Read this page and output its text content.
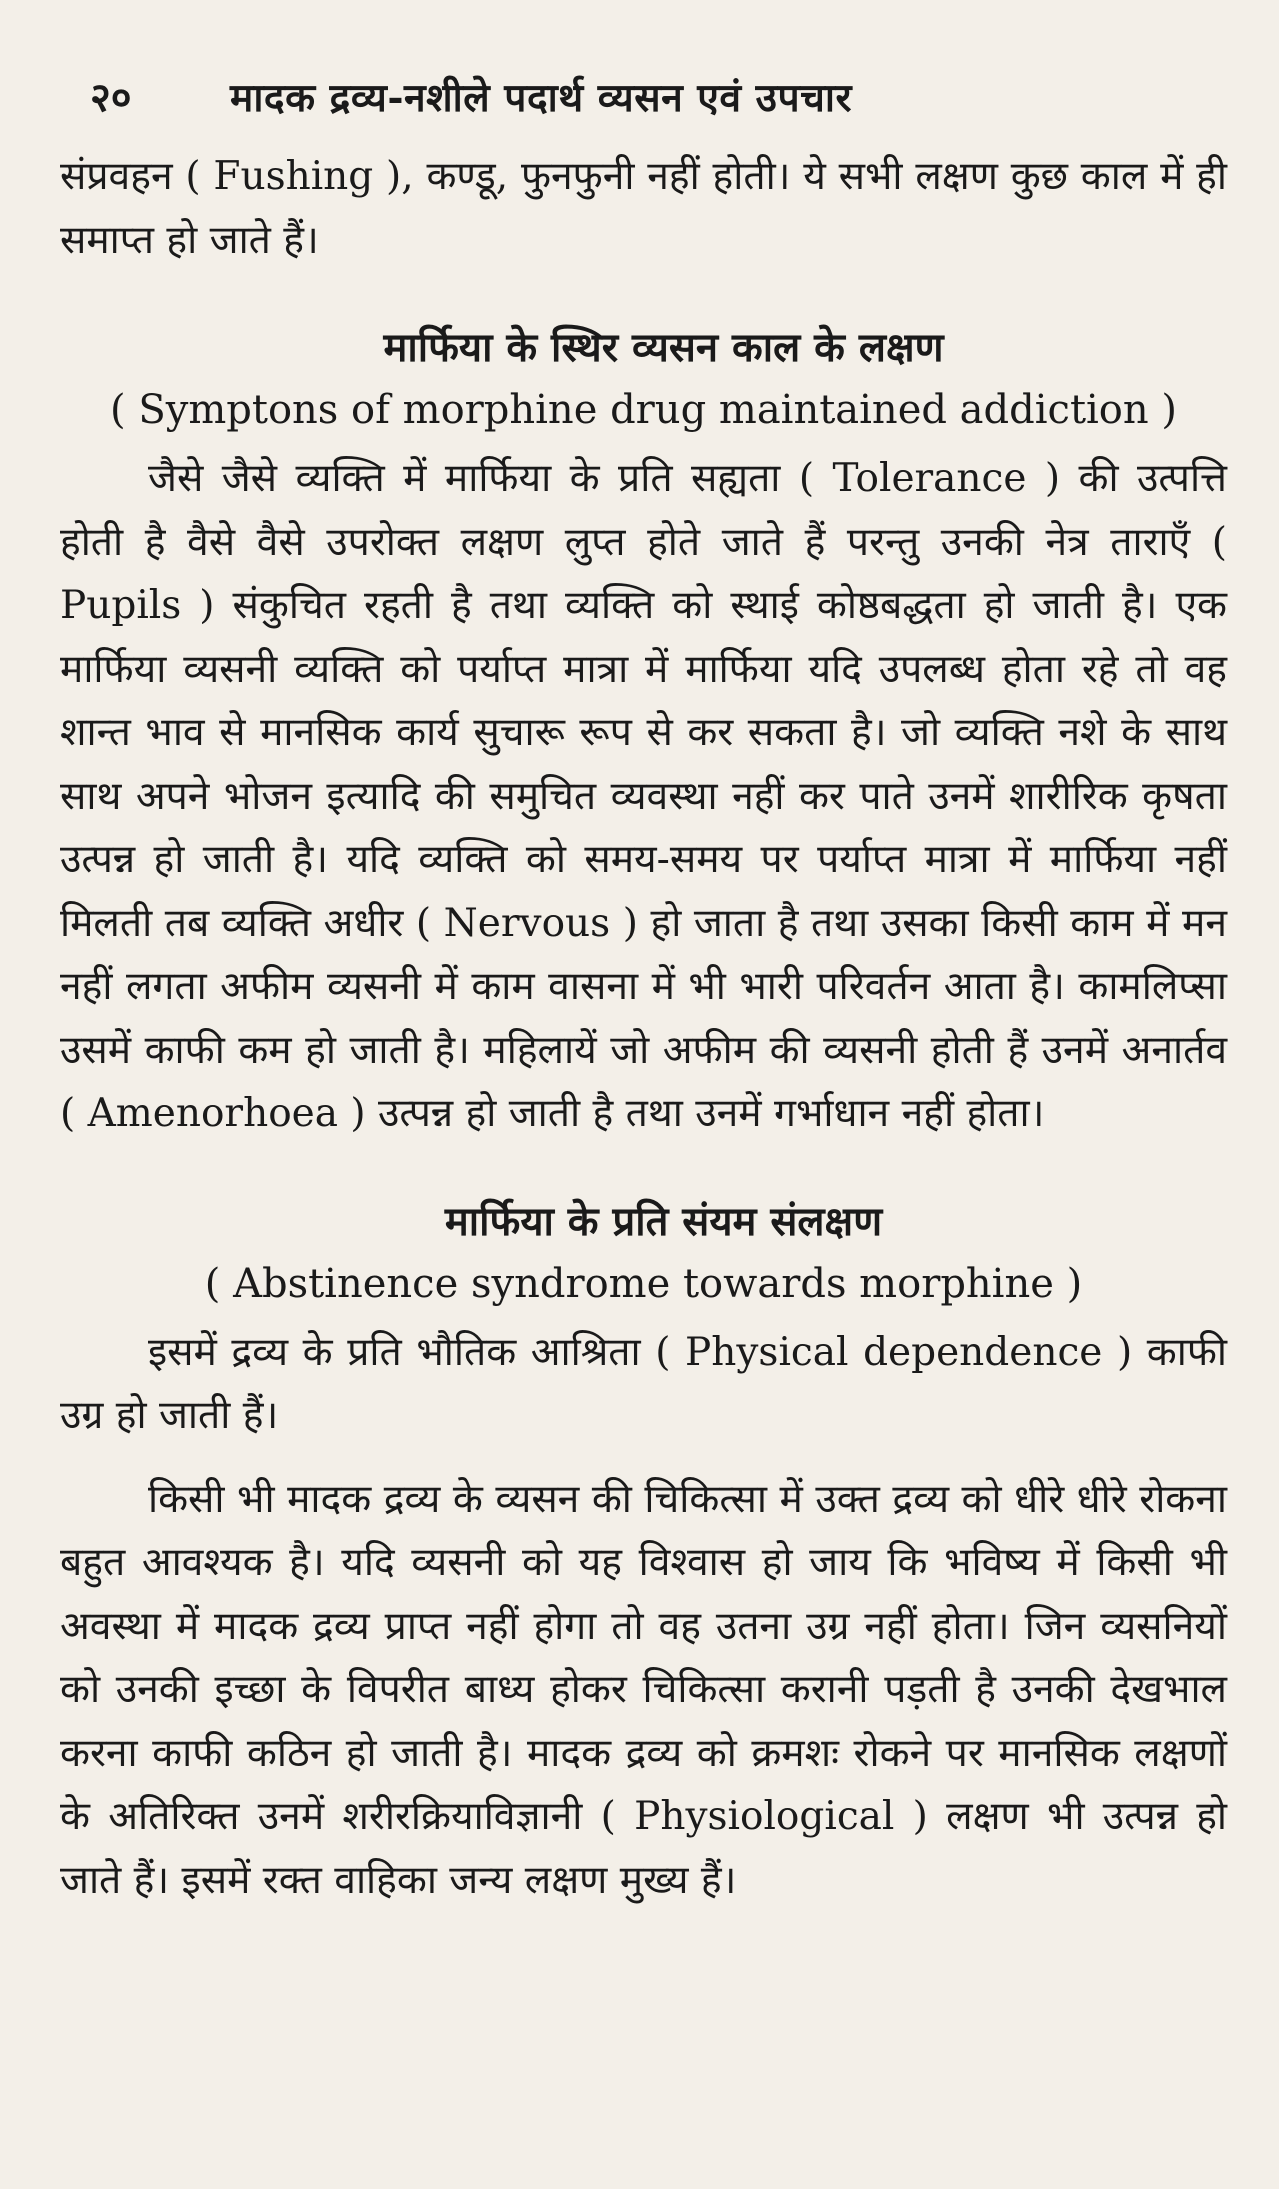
२०	मादक द्रव्य-नशीले पदार्थ व्यसन एवं उपचार

संप्रवहन ( Fushing ), कण्डू, फुनफुनी नहीं होती। ये सभी लक्षण कुछ काल में ही समाप्त हो जाते हैं।

मार्फिया के स्थिर व्यसन काल के लक्षण
( Symptons of morphine drug maintained addiction )

जैसे जैसे व्यक्ति में मार्फिया के प्रति सह्यता ( Tolerance ) की उत्पत्ति होती है वैसे वैसे उपरोक्त लक्षण लुप्त होते जाते हैं परन्तु उनकी नेत्र ताराएँ ( Pupils ) संकुचित रहती है तथा व्यक्ति को स्थाई कोष्ठबद्धता हो जाती है। एक मार्फिया व्यसनी व्यक्ति को पर्याप्त मात्रा में मार्फिया यदि उपलब्ध होता रहे तो वह शान्त भाव से मानसिक कार्य सुचारू रूप से कर सकता है। जो व्यक्ति नशे के साथ साथ अपने भोजन इत्यादि की समुचित व्यवस्था नहीं कर पाते उनमें शारीरिक कृषता उत्पन्न हो जाती है। यदि व्यक्ति को समय-समय पर पर्याप्त मात्रा में मार्फिया नहीं मिलती तब व्यक्ति अधीर ( Nervous ) हो जाता है तथा उसका किसी काम में मन नहीं लगता अफीम व्यसनी में काम वासना में भी भारी परिवर्तन आता है। कामलिप्सा उसमें काफी कम हो जाती है। महिलायें जो अफीम की व्यसनी होती हैं उनमें अनार्तव ( Amenorhoea ) उत्पन्न हो जाती है तथा उनमें गर्भाधान नहीं होता।

मार्फिया के प्रति संयम संलक्षण
( Abstinence syndrome towards morphine )

इसमें द्रव्य के प्रति भौतिक आश्रिता ( Physical dependence ) काफी उग्र हो जाती हैं।

किसी भी मादक द्रव्य के व्यसन की चिकित्सा में उक्त द्रव्य को धीरे धीरे रोकना बहुत आवश्यक है। यदि व्यसनी को यह विश्वास हो जाय कि भविष्य में किसी भी अवस्था में मादक द्रव्य प्राप्त नहीं होगा तो वह उतना उग्र नहीं होता। जिन व्यसनियों को उनकी इच्छा के विपरीत बाध्य होकर चिकित्सा करानी पड़ती है उनकी देखभाल करना काफी कठिन हो जाती है। मादक द्रव्य को क्रमशः रोकने पर मानसिक लक्षणों के अतिरिक्त उनमें शरीरक्रियाविज्ञानी ( Physiological ) लक्षण भी उत्पन्न हो जाते हैं। इसमें रक्त वाहिका जन्य लक्षण मुख्य हैं।
